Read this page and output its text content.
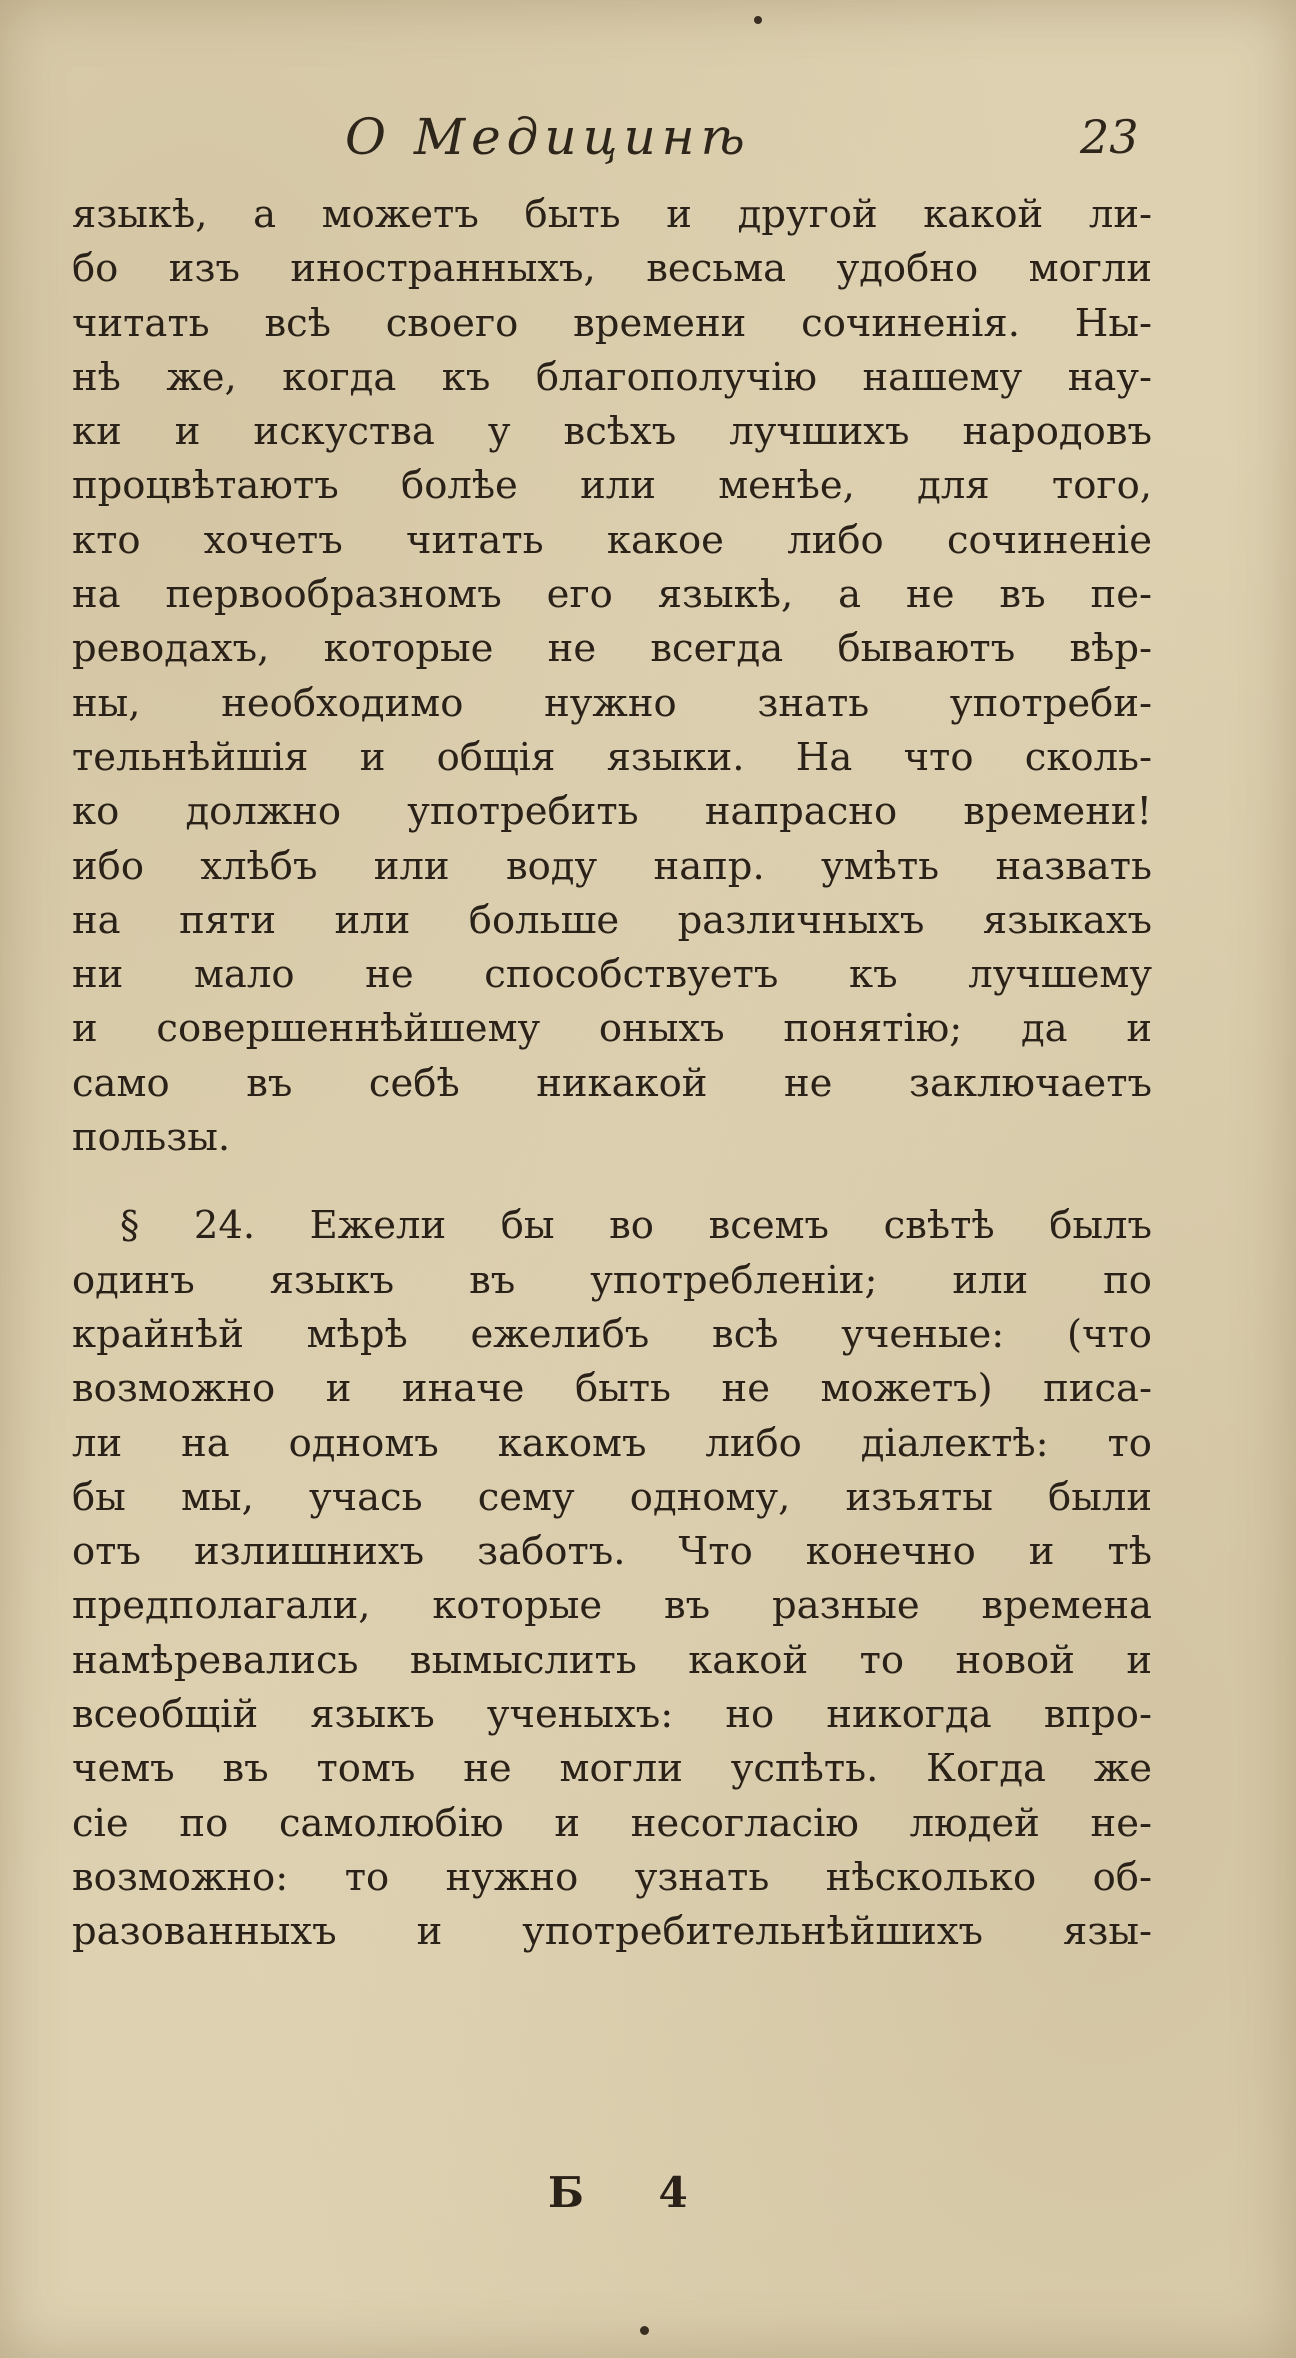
О Медицинѣ	23
языкѣ, а можетъ быть и другой какой ли-
бо изъ иностранныхъ, весьма удобно могли
читать всѣ своего времени сочиненія. Ны-
нѣ же, когда къ благополучію нашему нау-
ки и искуства у всѣхъ лучшихъ народовъ
процвѣтаютъ болѣе или менѣе, для того,
кто хочетъ читать какое либо сочиненіе
на первообразномъ его языкѣ, а не въ пе-
реводахъ, которые не всегда бываютъ вѣр-
ны, необходимо нужно знать употреби-
тельнѣйшія и общія языки. На что сколь-
ко должно употребить напрасно времени!
ибо хлѣбъ или воду напр. умѣть назвать
на пяти или больше различныхъ языкахъ
ни мало не способствуетъ къ лучшему
и совершеннѣйшему оныхъ понятію; да и
само въ себѣ никакой не заключаетъ
пользы.
§ 24. Ежели бы во всемъ свѣтѣ былъ
одинъ языкъ въ употребленіи; или по
крайнѣй мѣрѣ ежелибъ всѣ ученые: (что
возможно и иначе быть не можетъ) писа-
ли на одномъ какомъ либо діалектѣ: то
бы мы, учась сему одному, изъяты были
отъ излишнихъ заботъ. Что конечно и тѣ
предполагали, которые въ разные времена
намѣревались вымыслить какой то новой и
всеобщій языкъ ученыхъ: но никогда впро-
чемъ въ томъ не могли успѣть. Когда же
сіе по самолюбію и несогласію людей не-
возможно: то нужно узнать нѣсколько об-
разованныхъ и употребительнѣйшихъ язы-
Б 4
